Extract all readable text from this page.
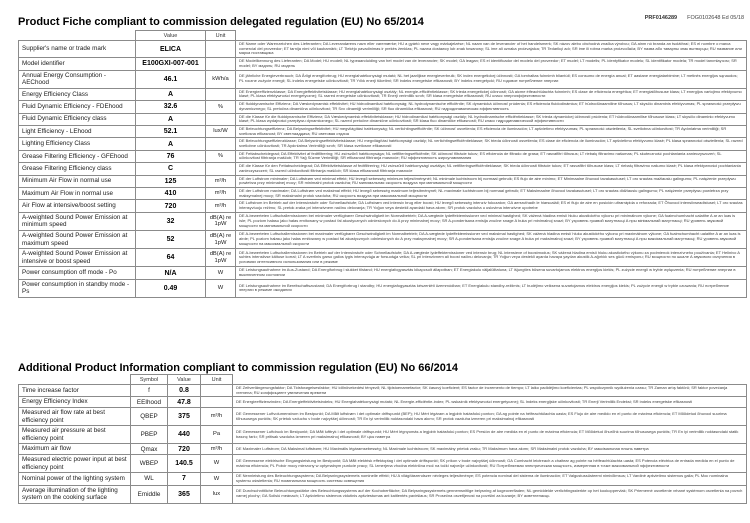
PRF0146289 FOG0102648 Ed 05/18
Product Fiche compliant to commission delegated regulation (EU) No 65/2014
	Value	Unit	
Supplier's name or trade mark	ELICA		DE Name oder Warenzeichen des Lieferanten; DA Leverandørens navn eller varemærke; HU a gyártó neve vagy márkajelzése; NL naam van de leverancier of het handelsmerk; SK názov alebo obchodná značka výrobcu; GA ainm nó branda an tsoláthraí; ES el nombre o marca comercial del proveedor; ET tarnija nimi või kaubamärk; LT Tiekėjo pavadinimas ir prekės ženklas; PL nazwa dostawcy lub znak towarowy; SL ime ali oznaka proizvajalca; TR Tedarikçi adı; SR ime ili robna marka proizvođača; BY назва або таварны знак вытворцы; RU название или марка поставщика
Model identifier	E100GXI-007-001		DE Modellkennung des Lieferanten; DA Model; HU modell; NL typeaanduiding van het model van de leverancier; SK model; GA leagan; ES el identificador del modelo del proveedor; ET mudel; LT modelis; PL identyfikator modelu; SL identifikator modela; TR model tanımlayıcısı; SR model; BY мадэль; RU модель
Annual Energy Consumption - AEChood	46.1	kWh/a	DE jährliche Energieverbrauch; DA Årligt energiforbrug; HU energiahatékonysági mutató; NL het jaarlijkse energieverbruik; SK index energetickej účinnosti; GA tomhaltas fuinnimh bliantúil; ES consumo de energía anual; ET aastane energiatarbimine; LT metinės energijos sąnaudos; PL roczne zużycie energii; SL indeks energetske učinkovitosti; TR Yıllık enerji tüketimi; SR indeks energetske efikasnosti; BY indeks energetycki; RU годовое потребление энергии
Energy Efficiency Class	A		DE Energieeffizienzklasse; DA Energieffektivitetsklasse; HU energiahatékonysági osztály; NL energie-efficiëntieklasse; SK trieda energetickej účinnosti; GA aicme éifeachtúlachta fuinnimh; ES clase de eficiencia energética; ET energiatõhususe klass; LT energijos vartojimo efektyvumo klasė; PL klasa efektywności energetycznej; SL razred energetske učinkovitosti; TR Enerji verimlilik sınıfı; SR klasa energetske efikasnosti; RU класс энергоэффективности
Fluid Dynamic Efficiency - FDEhood	32.6	%	DE fluiddynamische Effizienz; DA Væskedynamisk effektivitet; HU hidrodinamikai hatékonyság; NL hydrodynamische efficiëntie; SK dynamická účinnosť prúdenia; ES eficiencia fluidodinámica; ET hüdrodünaamiline tõhusus; LT skysčio dinaminis efektyvumas; PL sprawność przepływu dynamicznego; SL pretočna dinamična učinkovitost; TR Sıvı dinamiği verimliliği; SR fluo dinamička efikasnost; RU гидродинамическая эффективность
Fluid Dynamic Efficiency class	A		DE die Klasse für die fluiddynamische Effizienz; DA Væskedynamisk effektivitetsklasse; HU hidrodinamikai hatékonysági osztály; NL hydrodinamische efficiëntieklasse; SK trieda dynamickej účinnosti prúdenia; ET hüdrodünaamilise tõhususe klass; LT skysčio dinaminio efektyvumo klasė; PL klasa wydajności przepływu dynamicznego; SL razred pretočne dinamične učinkovitosti; SR klasa fluo dinamičke efikasnosti; RU класс гидродинамической эффективности
Light Efficiency - LEhood	52.1	lux/W	DE Beleuchtungseffizienz; DA Belysningseffektivitet; HU megvilágítási hatékonyság; NL verlichtingsefficiëntie; SK účinnosť osvetlenia; ES eficiencia de iluminación; LT apšvietimo efektyvumas; PL sprawność oświetlenia; SL svetlobna učinkovitost; TR Aydınlatma verimliliği; SR svetlosna efikasnost; BY светлааддача; RU световая отдача
Lighting Efficiency Class	A		DE Beleuchtungseffizienzklasse; DA Belysningseffektivitetsklasse; HU megvilágítási hatékonysági osztály; NL verlichtingsefficiëntieklasse; SK trieda účinnosti osvetlenia; ES clase de eficiencia de iluminación; LT apšvietimo efektyvumo klasė; PL klasa sprawności oświetlenia; SL razred svetlobne učinkovitosti; TR Aydınlatma Verimliliği sınıfı; SR klasa svetlosne efikasnosti
Grease Filtering Efficiency - GFEhood	76	%	DE Fettabscheidegrad; DA Effektivitet af fedtfiltrering; HU zsírszűrő hatékonysága; NL vetfilteringsefficiëntie; SK účinnosť filtrácie tukov; ES eficiencia de filtrado de grasa; ET rasvafiltri tõhusus; LT riebalų filtravimo našumas; PL skuteczność pochłaniania zanieczyszczeń; SL učinkovitost filtriranja maščob; TR Yağ Süzme Verimliliği; SR efikasnost filtriranja masnoće; RU эффективность жироулавливания
Grease Filtering Efficiency class	C		DE die Klasse für den Fettabscheidegrad; DA Effektivitetsklasse af fedtfiltrering; HU zsírszűrő hatékonysági osztálya; NL vetfilteringsefficiëntieklasse; SK trieda účinnosti filtrácie tukov; ET rasvafiltri tõhususe klass; LT riebalų filtravimo našumo klasė; PL klasa efektywności pochłaniania zanieczyszczeń; SL razred učinkovitosti filtriranja maščob; SR klasa efikasnosti filtriranja masnoće
Minimum Air Flow in normal use	125	m³/h	DE der Luftstrom minimaler; DA Luftstrøm ved minimal effekt; HU levegő sebesség minimum teljesítménynél; NL minimale luchtstroom bij normaal gebruik; ES flujo de aire mínimo; ET Minimaalne õhuvool tavakasutusel; LT oro srautas mažiausiu galingumu; PL natężenie przepływu powietrza przy minimalnej mocy; SR minimalni protok vazduha; RU минимальная скорость воздуха при минимальной мощности
Maximum Air Flow in normal use	410	m³/h	DE der Luftstrom maximaler; DA Luftstrøm ved maksimal effekt; HU levegő sebesség maximum teljesítménynél; NL maximale luchtstroom bij normaal gebruik; ET Maksimaalne õhuvool tavakasutusel; LT oro srautas didžiausiu galingumu; PL natężenie przepływu powietrza przy maksymalnej mocy; SR maksimalni protok vazduha; RU скорость воздуха при максимальной мощности
Air Flow at intensive/boost setting	720	m³/h	DE Luftstrom im Betrieb auf der Intensivstufe oder Schnellaufstufe; DA Luftstrøm ved intensiv brug eller boost; HU levegő sebesség intenzív fokozaton; GA aersruthadh le hiarscaláil; ES el flujo de aire en posición ultrarrápida o reforzada; ET Õhuvool intensiivseadistusel; LT oro srautas intensyviuoju režimu; SL pretok zraka pri intenzivnem načinu delovanja; TR Yoğun veya destekli ayardaki hava akımı; SR protok vazduha u uslovima intenzivne upotrebe
A-weighted Sound Power Emission at minimum speed	32	dB(A) re 1pW	DE A-bewerteten Luftschallemissionen bei minimaler verfügbarer Geschwindigkeit im Normalbetrieb; DA A-vægtede lydeffektemissioner ved minimal hastighed; SK vážená hladina emisií hluku akustického výkonu pri minimálnom výkone; GA fuaimchumhacht ualaithe A ar an luas is ísle; PL poziom hałasu jako hałas emitowany w postaci fal akustycznych odniesionych do A przy minimalnej mocy; SR A-ponderisana emisija zvučne snage A buka pri minimalnoj snazi; BY узровень гукавой магутнасці A пры мінімальнай магутнасці; RU уровень звуковой мощности на минимальной скорости
A-weighted Sound Power Emission at maximum speed	52	dB(A) re 1pW	DE A-bewerteten Luftschallemissionen bei maximaler verfügbarer Geschwindigkeit im Normalbetrieb; DA A-vægtede lydeffektemissioner ved maksimal hastighed; SK vážená hladina emisií hluku akustického výkonu pri maximálnom výkone; GA fuaimchumhacht ualaithe A ar an luas is airde; PL poziom hałasu jako hałas emitowany w postaci fal akustycznych odniesionych do A przy maksymalnej mocy; SR A-ponderisana emisija zvučne snage A buka pri maksimalnoj snazi; BY узровень гукавой магутнасці A пры максімальнай магутнасці; RU уровень звуковой мощности на максимальной скорости
A-weighted Sound Power Emission at intensive or boost speed	64	dB(A) re 1pW	DE A-bewerteten Luftschallemissionen im Betrieb auf der Intensivstufe oder Schnellaufstufe; DA A-vægtede lydeffektemissioner ved intensiv brug; NL intensieve of boostmodus; SK vážená hladina emisií hluku akustického výkonu za podmienok intenzívneho používania; ET Helinivo A suhtes intensiivse käituse korral; LT A svertinis garso galios lygis intensyviąja ar forsuotąja veika; SL pri intenzivnem ali boost načinu delovanja; TR Yoğun veya destekli ayarda havaya yayılan akustik A-ağırlıklı ses gücü emisyonu; RU мощности по шкале A звукового излучения в условиях интенсивного использования или в режиме
Power consumption off mode - Po	N/A	W	DE Leistungsaufnahme im Aus-Zustand; DA Energiforbrug i slukket tilstand; HU energiafogyasztás kikapcsolt állapotban; ET Energiakulu väljalülitatuna; LT išjungties būsena suvartojamos elektros energijos kiekis; PL zużycie energii w trybie wyłączenia; RU потребление энергии в выключенном состоянии
Power consumption in standby mode - Ps	0.49	W	DE Leistungsaufnahme im Bereitschaftszustand; DA Energiforbrug i standby; HU energiafogyasztás készenléti üzemmódban; ET Energiakulu standby-režiimis; LT budėjimo veiksena suvartojamos elektros energijos kiekis; PL zużycie energii w trybie czuwania; RU потребление энергии в режиме ожидания
Additional Product Information compliant to commission regulation (EU) No 66/2014
	Symbol	Value	Unit	
Time increase factor	f	0.8		DE Zeitverlängerungsfaktor; DA Tidsforøgelsesfaktor; HU időnövekedési tényező; NL tijdstoenamefactor; SK časový koeficient; ES factor de incremento de tiempo; LT laiko padidėjimo koeficientas; PL współczynnik wydłużenia czasu; TR Zaman artış faktörü; SR faktor povećanja vremena; RU коэффициент увеличения времени
Energy Efficiency Index	EEIhood	47.8		DE Energieeffizienzindex; DA Energieffektivitetsindeks; HU Energiahatékonysági mutató; NL Energie-efficiëntie-index; PL wskaźnik efektywności energetycznej; SL Indeks energijske učinkovitosti; TR Enerji Verimlilik Endeksi; SR indeks energetske efikasnosti
Measured air flow rate at best efficiency point	QBEP	375	m³/h	DE Gemessener Luftvolumenstrom im Bestpunkt; DA Målt luftstrøm i det optimale driftspunkt (BEP); HU Mért légáram a legjobb hatásfokú ponton; GA ag pointe na héifeachtúlachta uasta; ES Flujo de aire medido en el punto de máxima eficiencia; ET Mõõdetud õhuvool suurima tõhususega punktis; SK prietok vzduchu v bode najvyššej účinnosti; TR En iyi verimlilik noktasındaki hava akımı; SR protok vazduha izmeren pri maksimalnoj efikasnosti
Measured air pressure at best efficiency point	PBEP	440	Pa	DE Gemessener Luftdruck im Bestpunkt; DA Målt lufttryk i det optimale driftspunkt; HU Mért légnyomás a legjobb hatásfokú ponton; ES Presión de aire medida en el punto de máxima eficiencia; ET Mõõdetud õhurõhk suurima tõhususega punktis; TR En iyi verimlilik noktasındaki statik basınç farkı; SR pritisak vazduha izmeren pri maksimalnoj efikasnosti; BY ціск паветра
Maximum air flow	Qmax	720	m³/h	DE Maximaler Luftstrom; DA Maksimal luftstrøm; HU Maximális légáramsebesség; NL Maximale luchtstroom; SK maximálny prietok zraku; TR Maksimum hava akımı; SR Maksimalni protok vazduha; BY максімальная плынь паветра
Measured electric power input at best efficiency point	WBEP	140.5	W	DE Gemessene elektrische Eingangsleistung im Bestpunkt; DA Målt elektrisk effektoptag i det optimale driftspunkt; SK príkon v bode najvyššej účinnosti; GA Cumhacht leictreach a chaitear ag pointe na héifeachtúlachta uasta; ES Potencia eléctrica de entrada medida en el punto de máxima eficiencia; PL Pobór mocy mierzony w optymalnym punkcie pracy; SL Izmerjena vhodna električna moč na točki največje učinkovitosti; RU Потребляемая электрическая мощность, измеренная в точке максимальной эффективности
Nominal power of the lighting system	WL	7	W	DE Nennleistung des Beleuchtungssystems; DA Belysningssystemets nominelle effekt; HU A világításrendszer névleges teljesítménye; ES potencia nominal del sistema de iluminación; ET Valgustussüsteemi nimivõimsus; LT Vardinė apšvietimo sistemos galia; PL Moc nominalna systemu oświetlenia; RU номинальная мощность системы освещения
Average illumination of the lighting system on the cooking surface	Emiddle	365	lux	DE Durchschnittliche Beleuchtungsstärke des Beleuchtungssystems auf der Kochoberfläche; DA Belysningssystemets gennemsnitlige belysning af kogeoverfladen; NL gemiddelde verlichtingssterkte op het kookoppervlak; SK Priemerné osvetlenie vrhané systémom osvetlenia na povrch varnej plochy; GA Soilsiú meánach; LT Apšvietimo sistemos vidutinis apšviestumas ant kaitlentės paviršiaus; SR Prosečna osvetljenost na površini za kuvanje; BY асветленасць
